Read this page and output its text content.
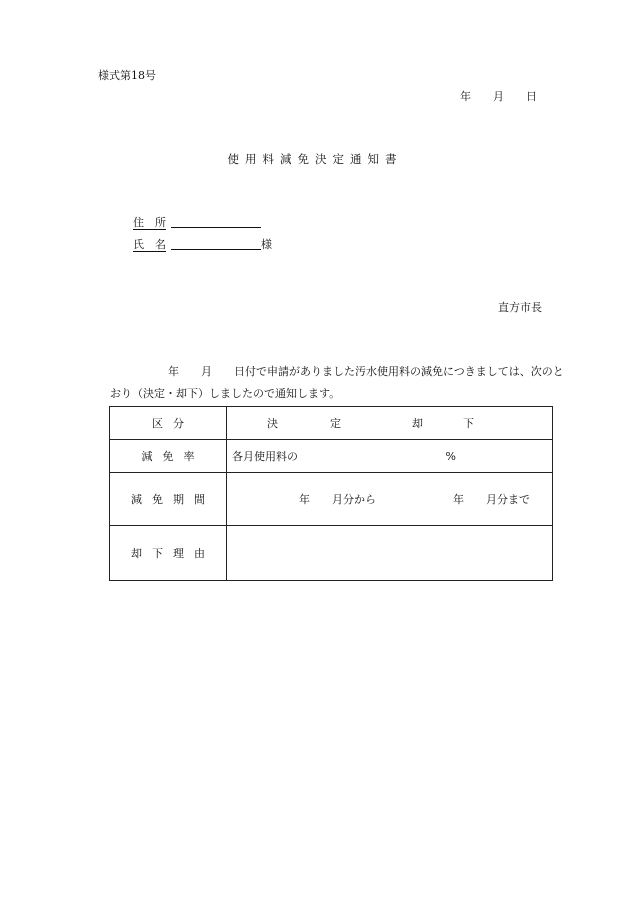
様式第18号
年 月 日
使用料減免決定通知書
住　所
氏　名	様
直方市長
年　　月　　日付で申請がありました汚水使用料の減免につきましては、次のとおり（決定・却下）しましたので通知します。
区分	決定 却下

減免率	各月使用料の %

減免期間	年　　月分から 年　　月分まで

却下理由	
